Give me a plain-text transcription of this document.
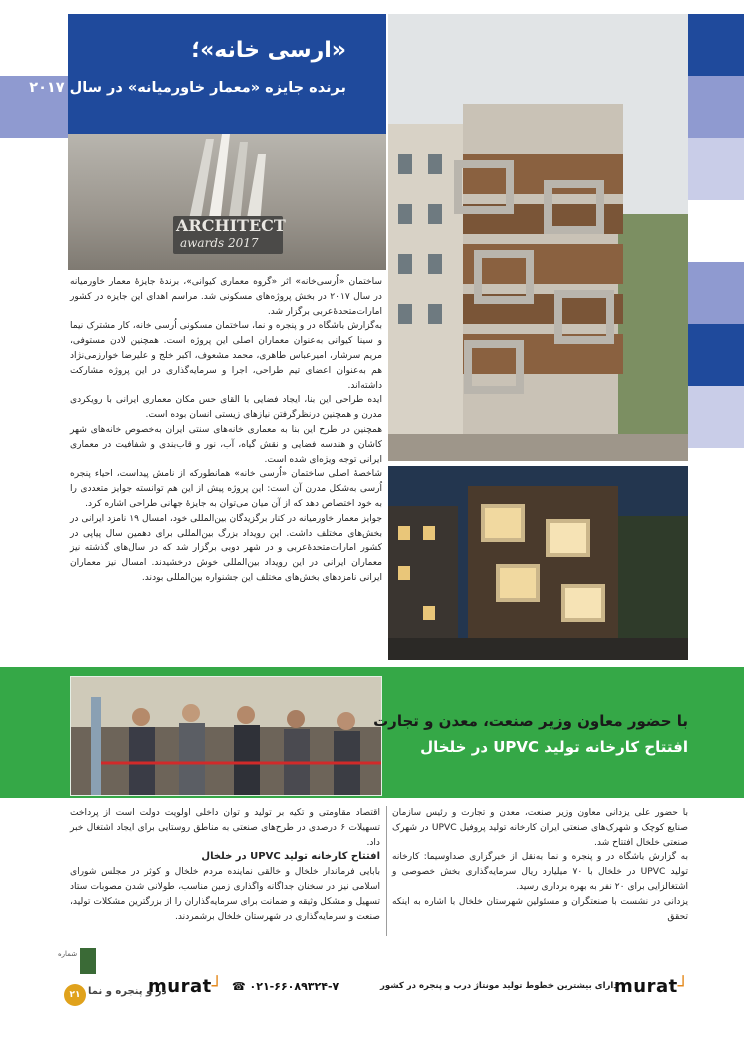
«ارسی خانه»؛
برنده جایزه «معمار خاورمیانه» در سال ۲۰۱۷
ARCHITECT
awards 2017

ساختمان «اُرسی‌خانه» اثر «گروه معماری کیوانی»، برندۀ جایزۀ معمار خاورمیانه در سال ۲۰۱۷ در بخش پروژه‌های مسکونی شد. مراسم اهدای این جایزه در کشور امارات‌متحدۀ‌عربی برگزار شد.

به‌گزارش باشگاه در و پنجره و نما، ساختمان مسکونی اُرسی خانه، کار مشترک نیما و سینا کیوانی به‌عنوان معماران اصلی این پروژه است. همچنین لادن مستوفی، مریم سرشار، امیرعباس طاهری، محمد مشعوف، اکبر خلج و علیرضا خوارزمی‌نژاد هم به‌عنوان اعضای تیم طراحی، اجرا و سرمایه‌گذاری در این پروژه مشارکت داشته‌اند.

ایده طراحی این بنا، ایجاد فضایی با القای حس مکان معماری ایرانی با رویکردی مدرن و همچنین درنظرگرفتن نیازهای زیستی انسان بوده است.

همچنین در طرح این بنا به معماری خانه‌های سنتی ایران به‌خصوص خانه‌های شهر کاشان و هندسه فضایی و نقش گیاه، آب، نور و قاب‌بندی و شفافیت در معماری ایرانی توجه ویژه‌ای شده است.

شاخصۀ اصلی ساختمان «اُرسی خانه» همانطورکه از نامش پیداست، احیاء پنجره اُرسی به‌شکل مدرن آن است: این پروژه پیش از این هم توانسته جوایز متعددی را به خود اختصاص دهد که از آن میان می‌توان به جایزۀ جهانی طراحی اشاره کرد.

جوایز معمار خاورمیانه در کنار برگزیدگان بین‌المللی خود، امسال ۱۹ نامزد ایرانی در بخش‌های مختلف داشت. این رویداد بزرگ بین‌المللی برای دهمین سال پیاپی در کشور امارات‌متحدۀ‌عربی و در شهر دوبی برگزار شد که در سال‌های گذشته نیز معماران ایرانی در این رویداد بین‌المللی خوش درخشیدند. امسال نیز معماران ایرانی نامزدهای بخش‌های مختلف این جشنواره بین‌المللی بودند.

با حضور معاون وزیر صنعت، معدن و تجارت
افتتاح کارخانه تولید UPVC در خلخال

با حضور علی یزدانی معاون وزیر صنعت، معدن و تجارت و رئیس سازمان صنایع کوچک و شهرک‌های صنعتی ایران کارخانه تولید پروفیل UPVC در شهرک صنعتی خلخال افتتاح شد.

به گزارش باشگاه در و پنجره و نما به‌نقل از خبرگزاری صداوسیما: کارخانه تولید UPVC در خلخال با ۷۰ میلیارد ریال سرمایه‌گذاری بخش خصوصی و اشتغالزایی برای ۲۰ نفر به بهره برداری رسید.

یزدانی در نشست با صنعتگران و مسئولین شهرستان خلخال با اشاره به اینکه تحقق

اقتصاد مقاومتی و تکیه بر تولید و توان داخلی اولویت دولت است از پرداخت تسهیلات ۶ درصدی در طرح‌های صنعتی به مناطق روستایی برای ایجاد اشتغال خبر داد.

افتتاح کارخانه تولید UPVC در خلخال

بابایی فرماندار خلخال و خالقی نماینده مردم خلخال و کوثر در مجلس شورای اسلامی نیز در سخنان جداگانه واگذاری زمین مناسب، طولانی شدن مصوبات ستاد تسهیل و مشکل وثیقه و ضمانت برای سرمایه‌گذاران را از بزرگترین مشکلات تولید، صنعت و سرمایه‌گذاری در شهرستان خلخال برشمردند.

murat┘ ☎ ۰۲۱-۶۶۰۸۹۳۲۴-۷	دارای بیشترین خطوط تولید مونتاژ درب و پنجره در کشور
murat┘
شماره
۲۱ در و پنجره و نما
